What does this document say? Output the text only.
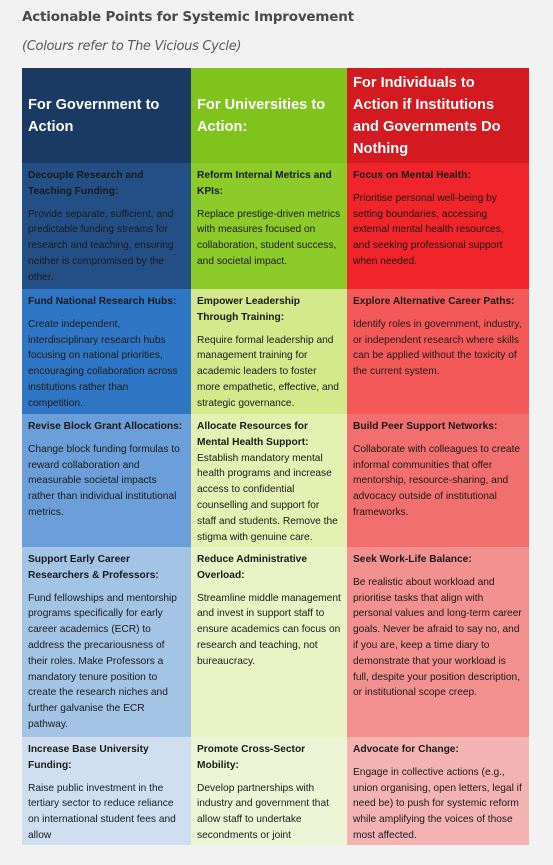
Actionable Points for Systemic Improvement
(Colours refer to The Vicious Cycle)
For Government to Action
For Universities to Action:
For Individuals to Action if Institutions and Governments Do Nothing
Decouple Research and Teaching Funding:
Provide separate, sufficient, and predictable funding streams for research and teaching, ensuring neither is compromised by the other.
Reform Internal Metrics and KPIs:
Replace prestige-driven metrics with measures focused on collaboration, student success, and societal impact.
Focus on Mental Health:
Prioritise personal well-being by setting boundaries, accessing external mental health resources, and seeking professional support when needed.
Fund National Research Hubs:
Create independent, interdisciplinary research hubs focusing on national priorities, encouraging collaboration across institutions rather than competition.
Empower Leadership Through Training:
Require formal leadership and management training for academic leaders to foster more empathetic, effective, and strategic governance.
Explore Alternative Career Paths:
Identify roles in government, industry, or independent research where skills can be applied without the toxicity of the current system.
Revise Block Grant Allocations:
Change block funding formulas to reward collaboration and measurable societal impacts rather than individual institutional metrics.
Allocate Resources for Mental Health Support:
Establish mandatory mental health programs and increase access to confidential counselling and support for staff and students. Remove the stigma with genuine care.
Build Peer Support Networks:
Collaborate with colleagues to create informal communities that offer mentorship, resource-sharing, and advocacy outside of institutional frameworks.
Support Early Career Researchers & Professors:
Fund fellowships and mentorship programs specifically for early career academics (ECR) to address the precariousness of their roles. Make Professors a mandatory tenure position to create the research niches and further galvanise the ECR pathway.
Reduce Administrative Overload:
Streamline middle management and invest in support staff to ensure academics can focus on research and teaching, not bureaucracy.
Seek Work-Life Balance:
Be realistic about workload and prioritise tasks that align with personal values and long-term career goals. Never be afraid to say no, and if you are, keep a time diary to demonstrate that your workload is full, despite your position description, or institutional scope creep.
Increase Base University Funding:
Raise public investment in the tertiary sector to reduce reliance on international student fees and allow
Promote Cross-Sector Mobility:
Develop partnerships with industry and government that allow staff to undertake secondments or joint
Advocate for Change:
Engage in collective actions (e.g., union organising, open letters, legal if need be) to push for systemic reform while amplifying the voices of those most affected.
